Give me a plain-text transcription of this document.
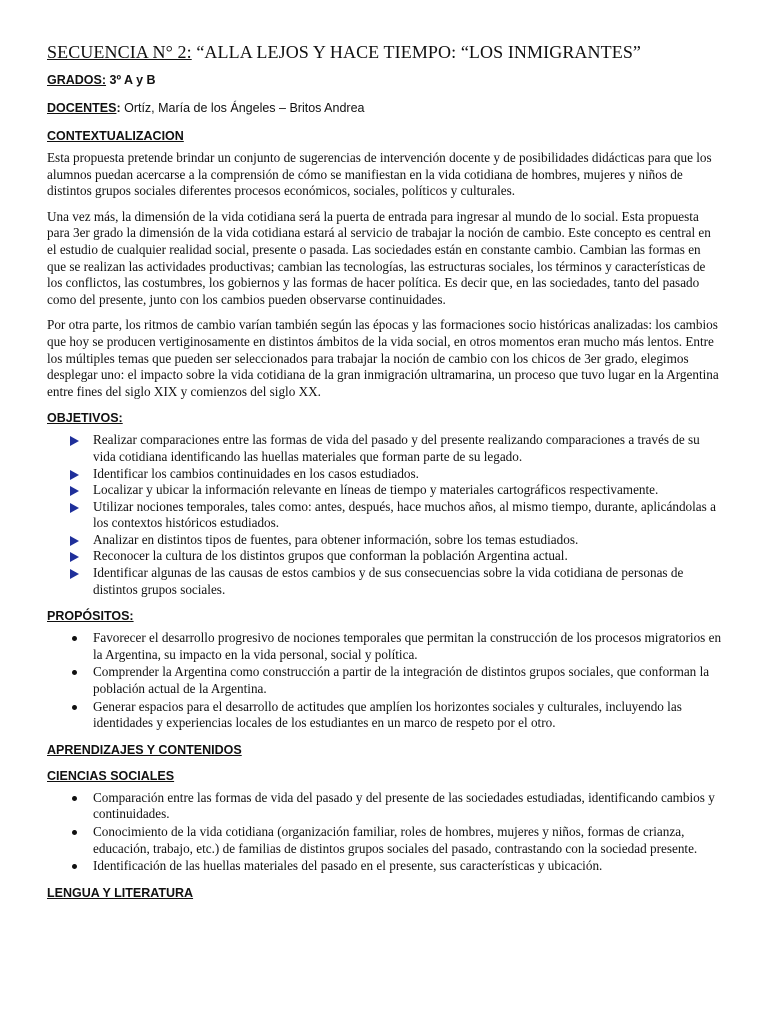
SECUENCIA N° 2: “ALLA LEJOS Y HACE TIEMPO: “LOS INMIGRANTES”
GRADOS: 3º A y B
DOCENTES: Ortíz, María de los Ángeles – Britos Andrea
CONTEXTUALIZACION

Esta propuesta pretende brindar un conjunto de sugerencias de intervención docente y de posibilidades didácticas para que los alumnos puedan acercarse a la comprensión de cómo se manifiestan en la vida cotidiana de hombres, mujeres y niños de distintos grupos sociales diferentes procesos económicos, sociales, políticos y culturales.

Una vez más, la dimensión de la vida cotidiana será la puerta de entrada para ingresar al mundo de lo social. Esta propuesta para 3er grado la dimensión de la vida cotidiana estará al servicio de trabajar la noción de cambio. Este concepto es central en el estudio de cualquier realidad social, presente o pasada. Las sociedades están en constante cambio. Cambian las formas en que se realizan las actividades productivas; cambian las tecnologías, las estructuras sociales, los términos y características de los conflictos, las costumbres, los gobiernos y las formas de hacer política. Es decir que, en las sociedades, tanto del pasado como del presente, junto con los cambios pueden observarse continuidades.

Por otra parte, los ritmos de cambio varían también según las épocas y las formaciones socio históricas analizadas: los cambios que hoy se producen vertiginosamente en distintos ámbitos de la vida social, en otros momentos eran mucho más lentos. Entre los múltiples temas que pueden ser seleccionados para trabajar la noción de cambio con los chicos de 3er grado, elegimos desplegar uno: el impacto sobre la vida cotidiana de la gran inmigración ultramarina, un proceso que tuvo lugar en la Argentina entre fines del siglo XIX y comienzos del siglo XX.

OBJETIVOS:
Realizar comparaciones entre las formas de vida del pasado y del presente realizando comparaciones a través de su vida cotidiana identificando las huellas materiales que forman parte de su legado.
Identificar los cambios continuidades en los casos estudiados.
Localizar y ubicar la información relevante en líneas de tiempo y materiales cartográficos respectivamente.
Utilizar nociones temporales, tales como: antes, después, hace muchos años, al mismo tiempo, durante, aplicándolas a los contextos históricos estudiados.
Analizar en distintos tipos de fuentes, para obtener información, sobre los temas estudiados.
Reconocer la cultura de los distintos grupos que conforman la población Argentina actual.
Identificar algunas de las causas de estos cambios y de sus consecuencias sobre la vida cotidiana de personas de distintos grupos sociales.
PROPÓSITOS:
Favorecer el desarrollo progresivo de nociones temporales que permitan la construcción de los procesos migratorios en la Argentina, su impacto en la vida personal, social y política.
Comprender la Argentina como construcción a partir de la integración de distintos grupos sociales, que conforman la población actual de la Argentina.
Generar espacios para el desarrollo de actitudes que amplíen los horizontes sociales y culturales, incluyendo las identidades y experiencias locales de los estudiantes en un marco de respeto por el otro.
APRENDIZAJES Y CONTENIDOS
CIENCIAS SOCIALES
Comparación entre las formas de vida del pasado y del presente de las sociedades estudiadas, identificando cambios y continuidades.
Conocimiento de la vida cotidiana (organización familiar, roles de hombres, mujeres y niños, formas de crianza, educación, trabajo, etc.) de familias de distintos grupos sociales del pasado, contrastando con la sociedad presente.
Identificación de las huellas materiales del pasado en el presente, sus características y ubicación.
LENGUA Y LITERATURA
